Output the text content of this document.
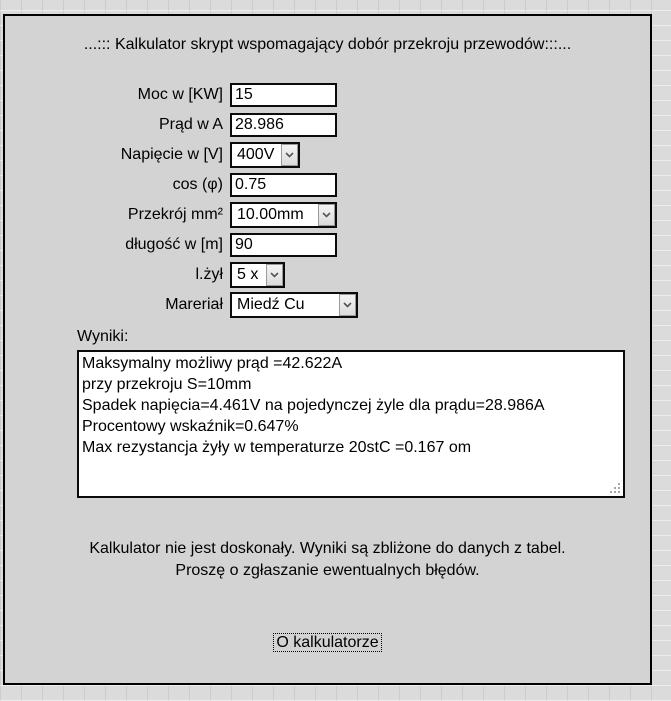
...::: Kalkulator skrypt wspomagający dobór przekroju przewodów:::...
Moc w [KW]
15
Prąd w A
28.986
Napięcie w [V] 400V
cos (φ)
0.75
Przekrój mm² 10.00mm
długość w [m]
90
l.żył 5 x
Mareriał Miedź Cu
Wyniki:
Maksymalny możliwy prąd =42.622A przy przekroju S=10mm Spadek napięcia=4.461V na pojedynczej żyle dla prądu=28.986A Procentowy wskaźnik=0.647% Max rezystancja żyły w temperaturze 20stC =0.167 om
Kalkulator nie jest doskonały. Wyniki są zbliżone do danych z tabel.
Proszę o zgłaszanie ewentualnych błędów.
O kalkulatorze
